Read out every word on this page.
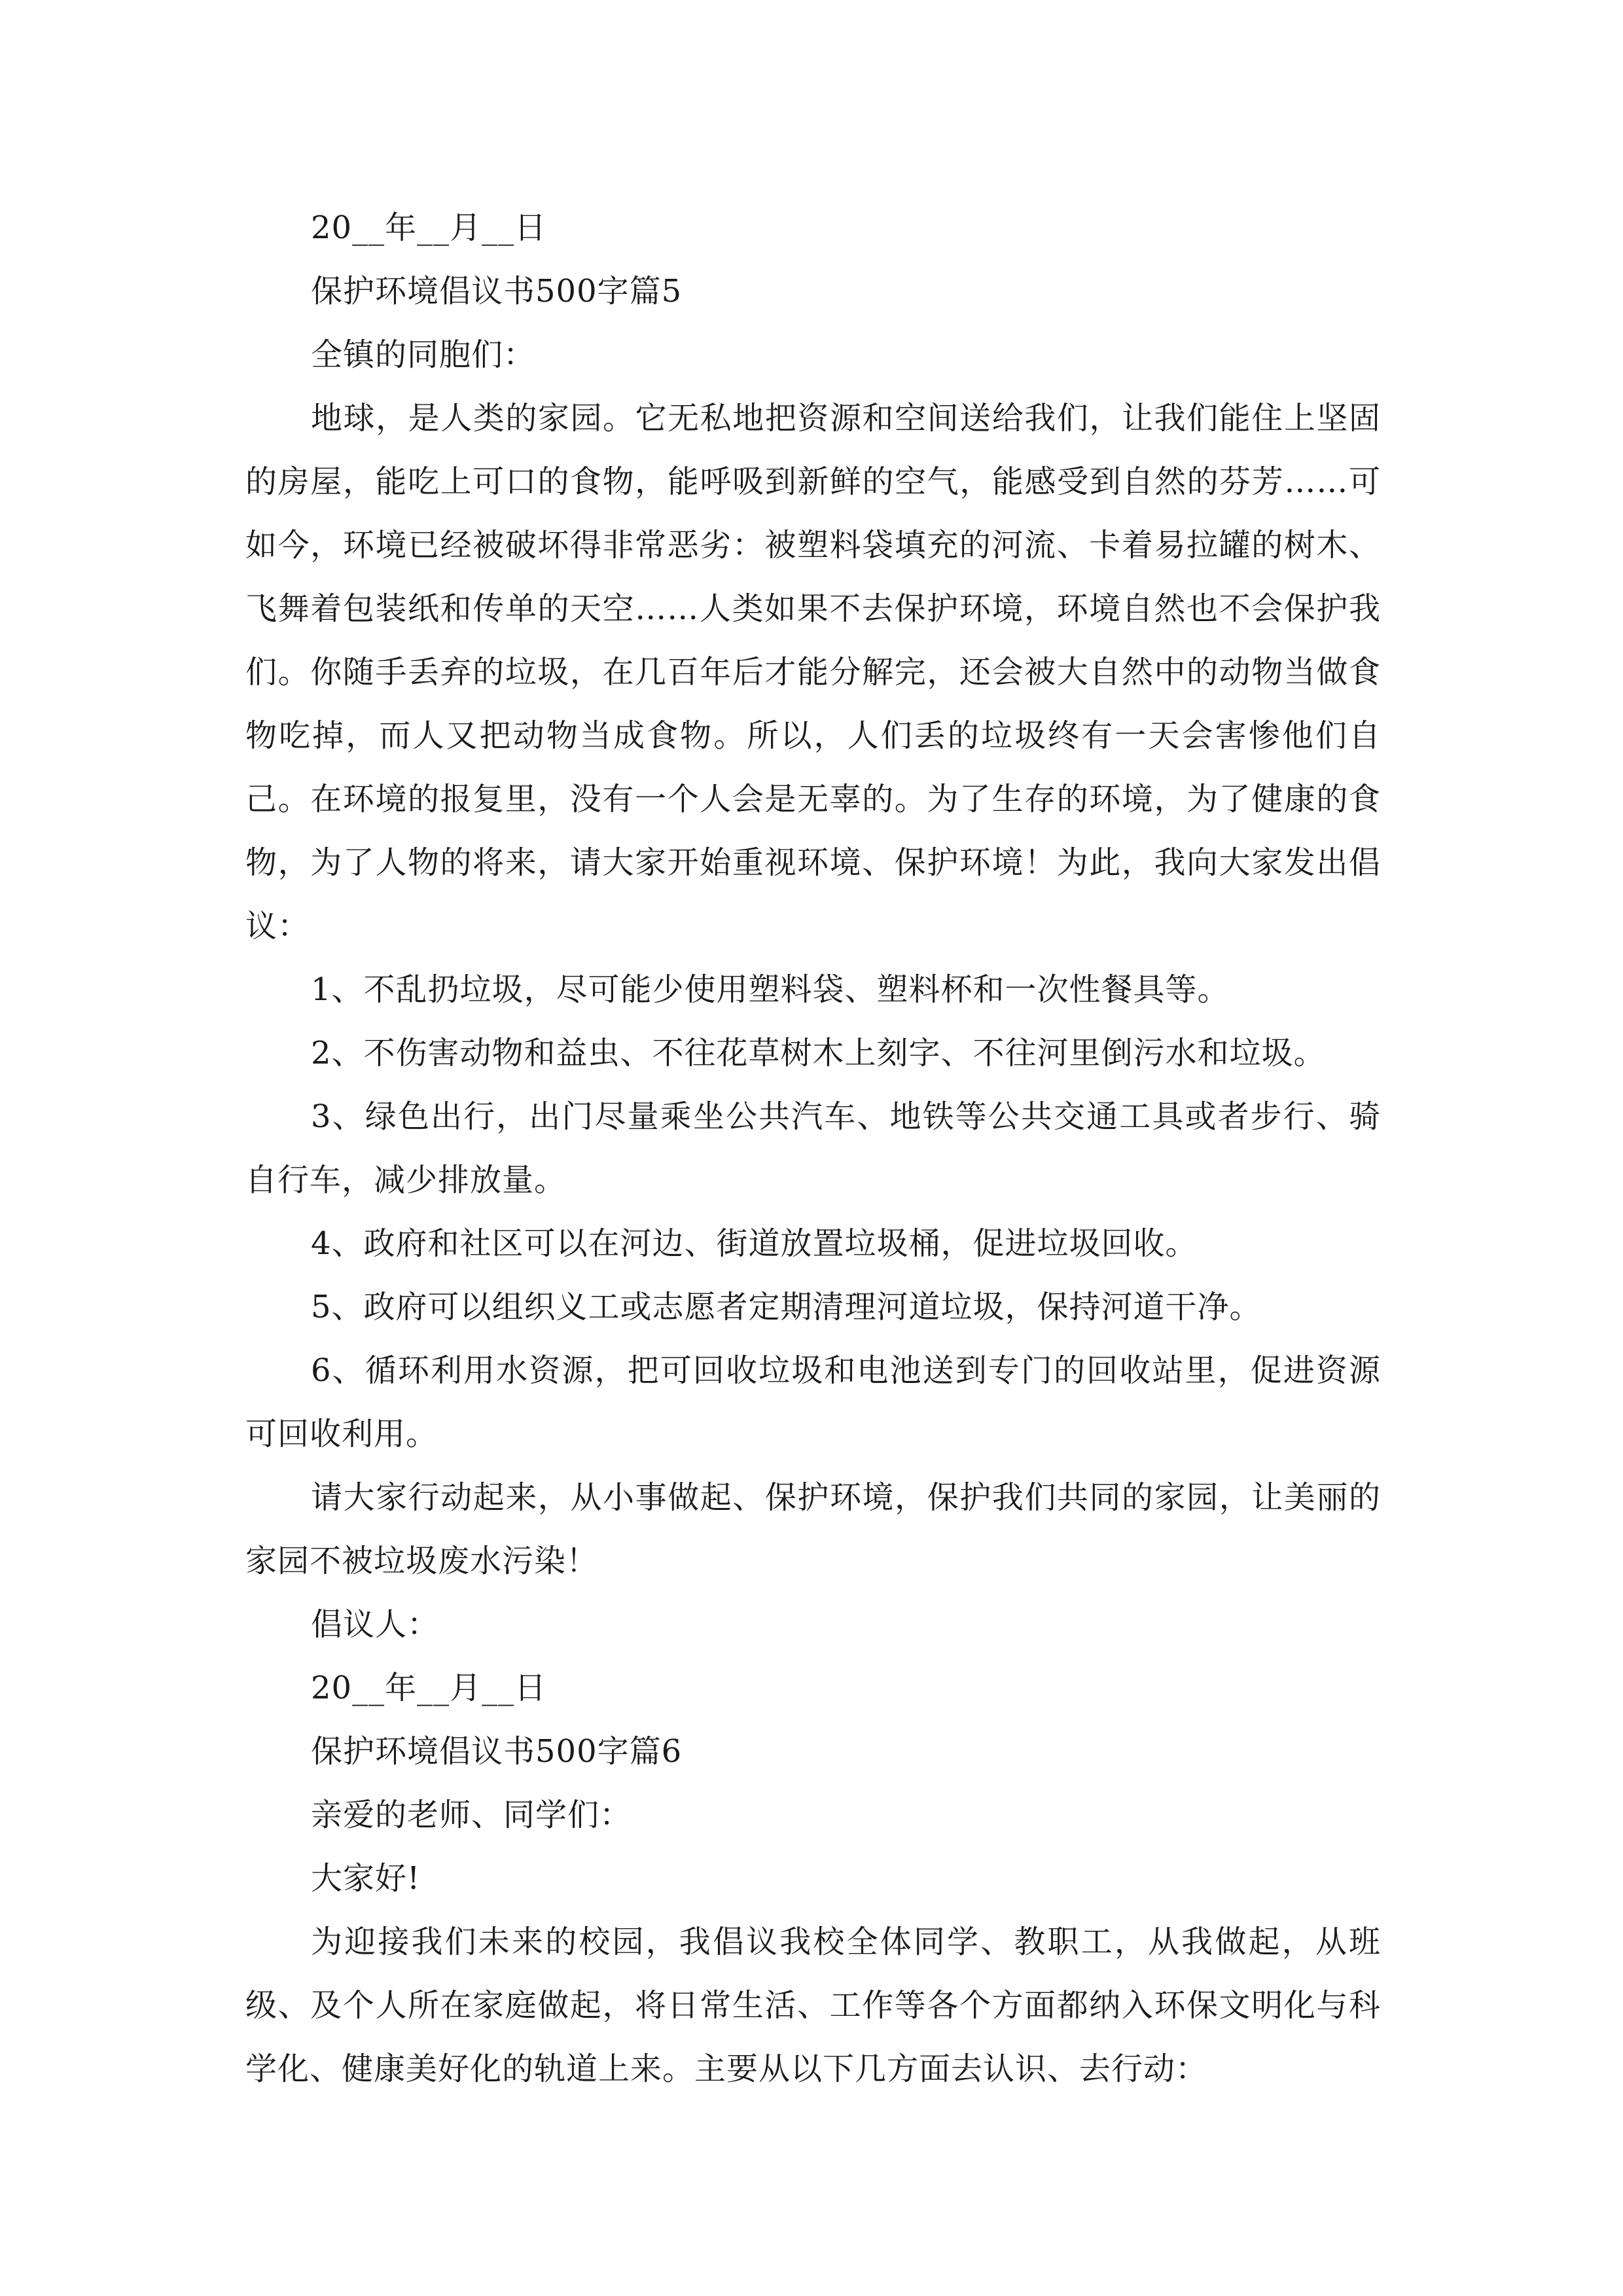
20__年__月__日

保护环境倡议书500字篇5

全镇的同胞们：

地球，是人类的家园。它无私地把资源和空间送给我们，让我们能住上坚固的房屋，能吃上可口的食物，能呼吸到新鲜的空气，能感受到自然的芬芳……可如今，环境已经被破坏得非常恶劣：被塑料袋填充的河流、卡着易拉罐的树木、飞舞着包装纸和传单的天空……人类如果不去保护环境，环境自然也不会保护我们。你随手丢弃的垃圾，在几百年后才能分解完，还会被大自然中的动物当做食物吃掉，而人又把动物当成食物。所以，人们丢的垃圾终有一天会害惨他们自己。在环境的报复里，没有一个人会是无辜的。为了生存的环境，为了健康的食物，为了人物的将来，请大家开始重视环境、保护环境！为此，我向大家发出倡议：

1、不乱扔垃圾，尽可能少使用塑料袋、塑料杯和一次性餐具等。

2、不伤害动物和益虫、不往花草树木上刻字、不往河里倒污水和垃圾。

3、绿色出行，出门尽量乘坐公共汽车、地铁等公共交通工具或者步行、骑自行车，减少排放量。

4、政府和社区可以在河边、街道放置垃圾桶，促进垃圾回收。

5、政府可以组织义工或志愿者定期清理河道垃圾，保持河道干净。

6、循环利用水资源，把可回收垃圾和电池送到专门的回收站里，促进资源可回收利用。

请大家行动起来，从小事做起、保护环境，保护我们共同的家园，让美丽的家园不被垃圾废水污染！

倡议人：

20__年__月__日

保护环境倡议书500字篇6

亲爱的老师、同学们：

大家好!

为迎接我们未来的校园，我倡议我校全体同学、教职工，从我做起，从班级、及个人所在家庭做起，将日常生活、工作等各个方面都纳入环保文明化与科学化、健康美好化的轨道上来。主要从以下几方面去认识、去行动：
